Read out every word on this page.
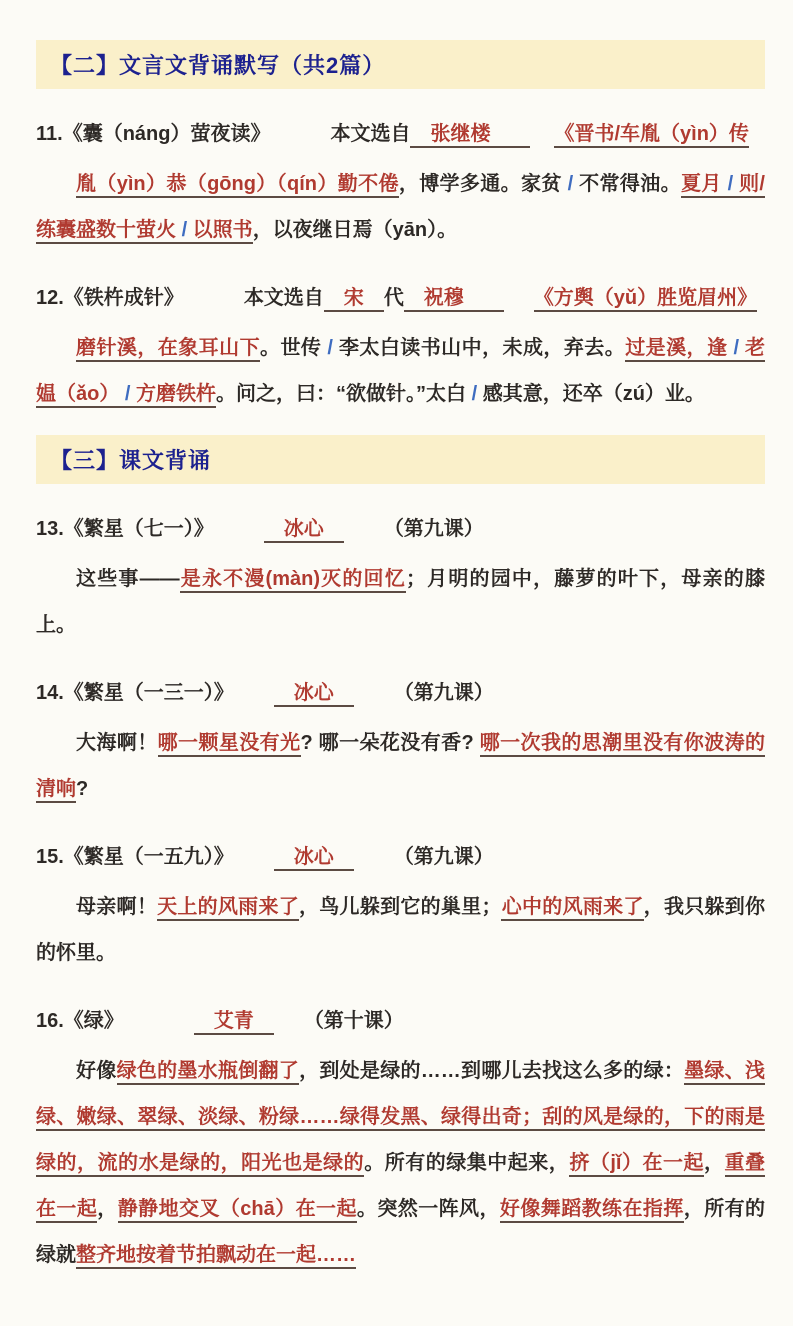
【二】文言文背诵默写（共2篇）

11.《囊（náng）萤夜读》	本文选自　张继楼　　《晋书/车胤（yìn）传

胤（yìn）恭（gōng）（qín）勤不倦，博学多通。家贫 / 不常得油。夏月 / 则/练囊盛数十萤火 / 以照书，以夜继日焉（yān）。

12.《铁杵成针》	本文选自　宋　代　祝穆　　《方舆（yǔ）胜览眉州》

磨针溪，在象耳山下。世传 / 李太白读书山中，未成，弃去。过是溪，逢 / 老媪（ǎo） / 方磨铁杵。问之，曰：“欲做针。”太白 / 感其意，还卒（zú）业。

【三】课文背诵

13.《繁星（七一）》	　冰心　（第九课）

这些事——是永不漫(màn)灭的回忆；月明的园中，藤萝的叶下，母亲的膝上。

14.《繁星（一三一）》　冰心　（第九课）

大海啊！哪一颗星没有光? 哪一朵花没有香? 哪一次我的思潮里没有你波涛的清响?

15.《繁星（一五九）》　冰心　（第九课）

母亲啊！天上的风雨来了，鸟儿躲到它的巢里；心中的风雨来了，我只躲到你的怀里。

16.《绿》	　艾青　（第十课）

好像绿色的墨水瓶倒翻了，到处是绿的……到哪儿去找这么多的绿：墨绿、浅绿、嫩绿、翠绿、淡绿、粉绿……绿得发黑、绿得出奇；刮的风是绿的，下的雨是绿的，流的水是绿的，阳光也是绿的。所有的绿集中起来，挤（jǐ）在一起，重叠在一起，静静地交叉（chā）在一起。突然一阵风，好像舞蹈教练在指挥，所有的绿就整齐地按着节拍飘动在一起……
